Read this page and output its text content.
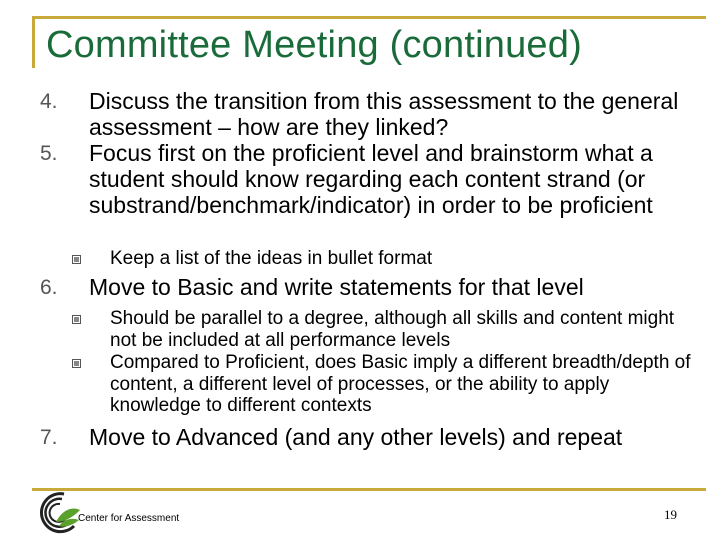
Committee Meeting (continued)
4.	Discuss the transition from this assessment to the general assessment – how are they linked?
5.	Focus first on the proficient level and brainstorm what a student should know regarding each content strand (or substrand/benchmark/indicator) in order to be proficient
Keep a list of the ideas in bullet format
6.	Move to Basic and write statements for that level
Should be parallel to a degree, although all skills and content might not be included at all performance levels
Compared to Proficient, does Basic imply a different breadth/depth of content, a different level of processes, or the ability to apply knowledge to different contexts
7.	Move to Advanced (and any other levels) and repeat
Center for Assessment	19
